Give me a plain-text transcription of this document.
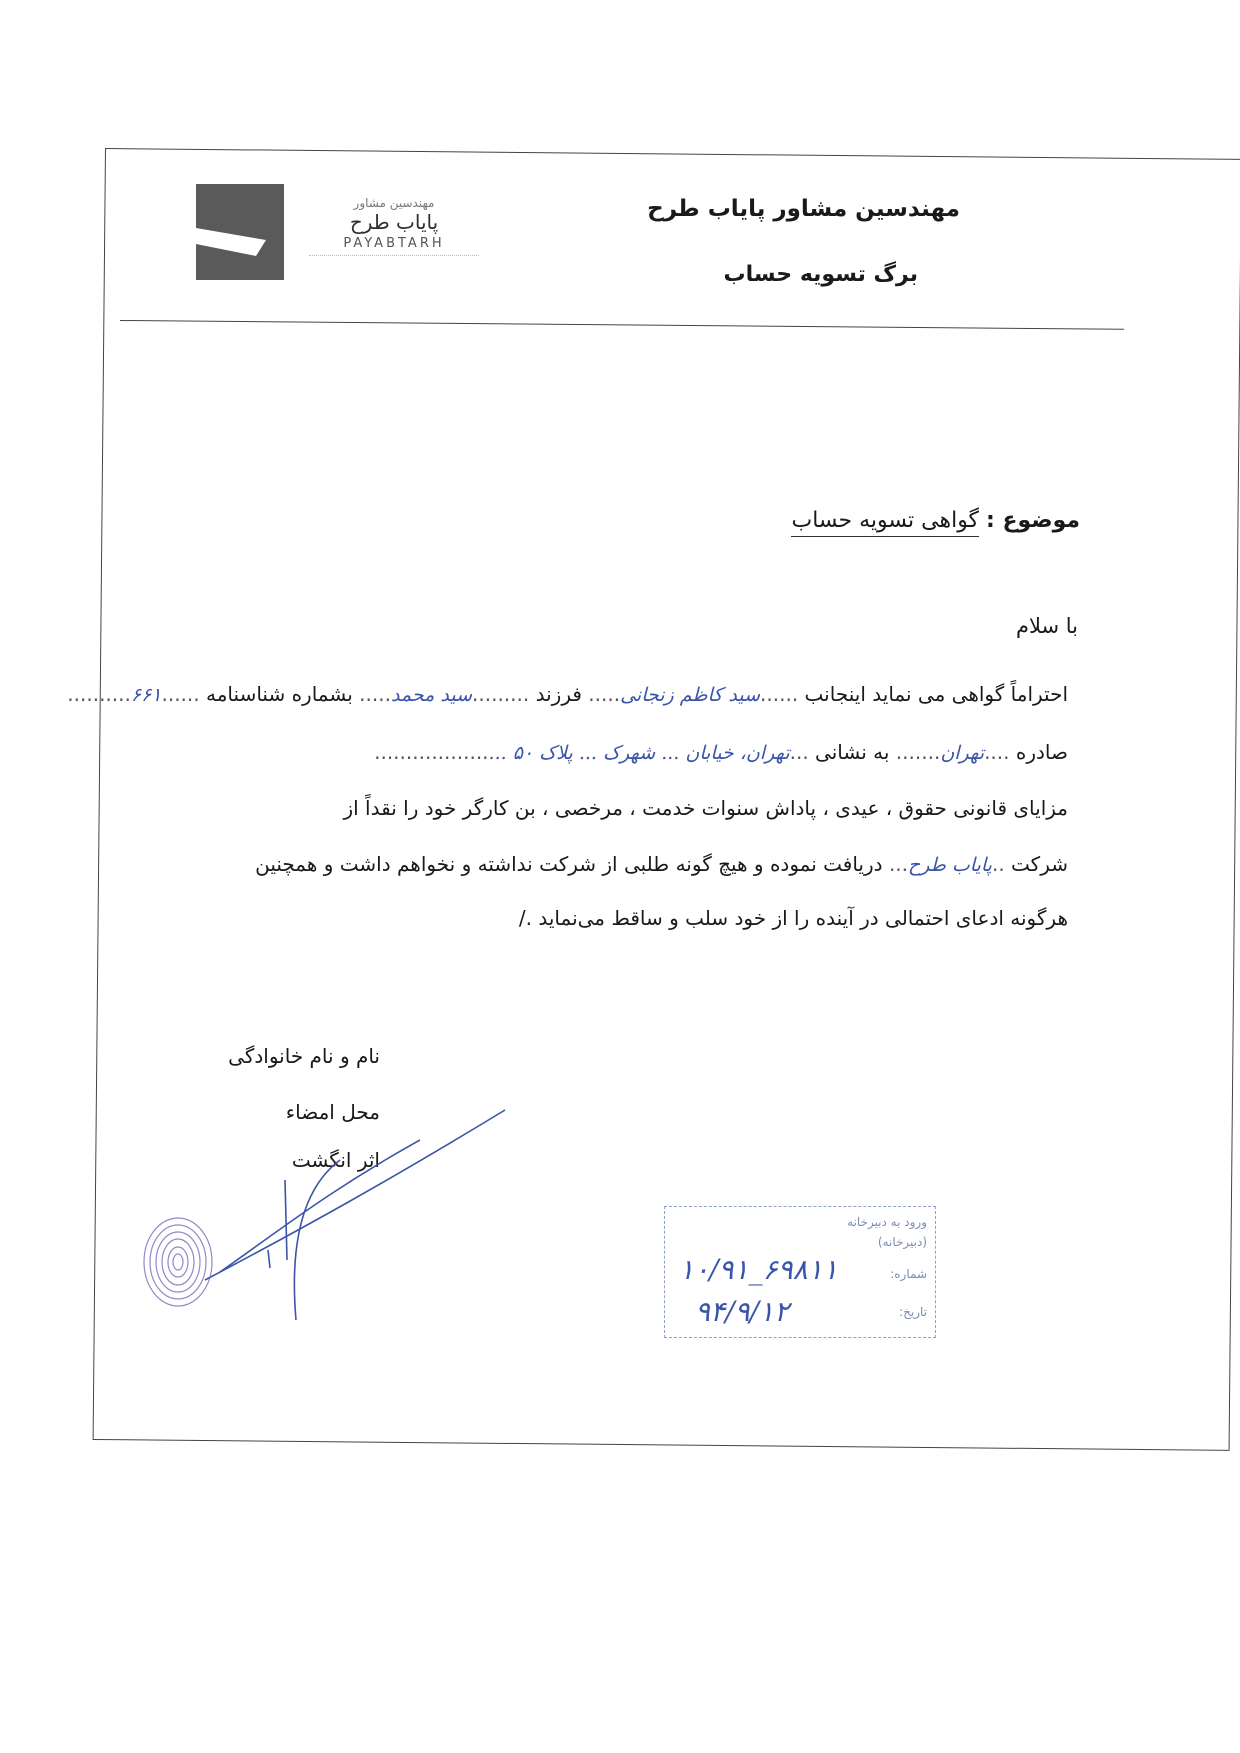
مهندسین مشاور
پایاب طرح
PAYABTARH
مهندسین مشاور پایاب طرح
برگ تسویه حساب
موضوع : گواهی تسویه حساب
با سلام
احتراماً گواهی می نماید اینجانب ......سید کاظم زنجانی..... فرزند .........سید محمد..... بشماره شناسنامه ......۶۶۱..........
صادره ....تهران....... به نشانی ...تهران، خیابان ... شهرک ... پلاک ۵۰ .....................
مزایای قانونی حقوق ، عیدی ، پاداش سنوات خدمت ، مرخصی ، بن کارگر خود را نقداً از
شرکت ..پایاب طرح... دریافت نموده و هیچ گونه طلبی از شرکت نداشته و نخواهم داشت و همچنین
هرگونه ادعای احتمالی در آینده را از خود سلب و ساقط می‌نماید ./
نام و نام خانوادگی
محل امضاء
اثر انگشت
ورود به دبیرخانه
(دبیرخانه)
شماره:
تاریخ:
۱۰/۹۱_۶۹۸۱۱
۹۴/۹/۱۲
